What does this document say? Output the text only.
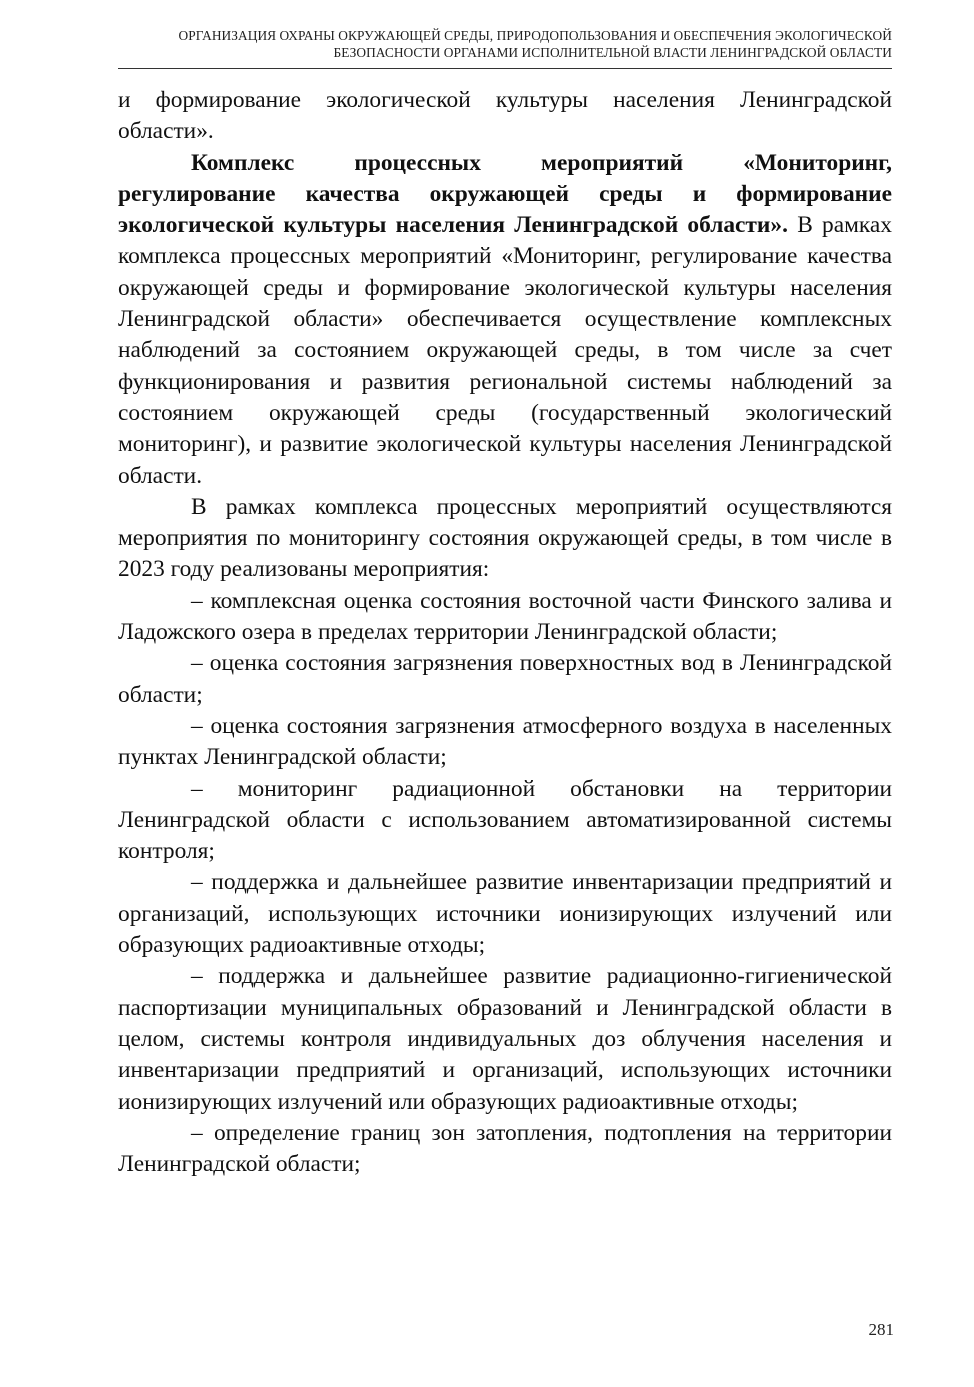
ОРГАНИЗАЦИЯ ОХРАНЫ ОКРУЖАЮЩЕЙ СРЕДЫ, ПРИРОДОПОЛЬЗОВАНИЯ И ОБЕСПЕЧЕНИЯ ЭКОЛОГИЧЕСКОЙ
БЕЗОПАСНОСТИ ОРГАНАМИ ИСПОЛНИТЕЛЬНОЙ ВЛАСТИ ЛЕНИНГРАДСКОЙ ОБЛАСТИ

и формирование экологической культуры населения Ленинградской области».

Комплекс процессных мероприятий «Мониторинг, регулирование качества окружающей среды и формирование экологической культуры населения Ленинградской области». В рамках комплекса процессных мероприятий «Мониторинг, регулирование качества окружающей среды и формирование экологической культуры населения Ленинградской области» обеспечивается осуществление комплексных наблюдений за состоянием окружающей среды, в том числе за счет функционирования и развития региональной системы наблюдений за состоянием окружающей среды (государственный экологический мониторинг), и развитие экологической культуры населения Ленинградской области.

В рамках комплекса процессных мероприятий осуществляются мероприятия по мониторингу состояния окружающей среды, в том числе в 2023 году реализованы мероприятия:

– комплексная оценка состояния восточной части Финского залива и Ладожского озера в пределах территории Ленинградской области;

– оценка состояния загрязнения поверхностных вод в Ленинградской области;

– оценка состояния загрязнения атмосферного воздуха в населенных пунктах Ленинградской области;

– мониторинг радиационной обстановки на территории Ленинградской области с использованием автоматизированной системы контроля;

– поддержка и дальнейшее развитие инвентаризации предприятий и организаций, использующих источники ионизирующих излучений или образующих радиоактивные отходы;

– поддержка и дальнейшее развитие радиационно-гигиенической паспортизации муниципальных образований и Ленинградской области в целом, системы контроля индивидуальных доз облучения населения и инвентаризации предприятий и организаций, использующих источники ионизирующих излучений или образующих радиоактивные отходы;

– определение границ зон затопления, подтопления на территории Ленинградской области;

281
